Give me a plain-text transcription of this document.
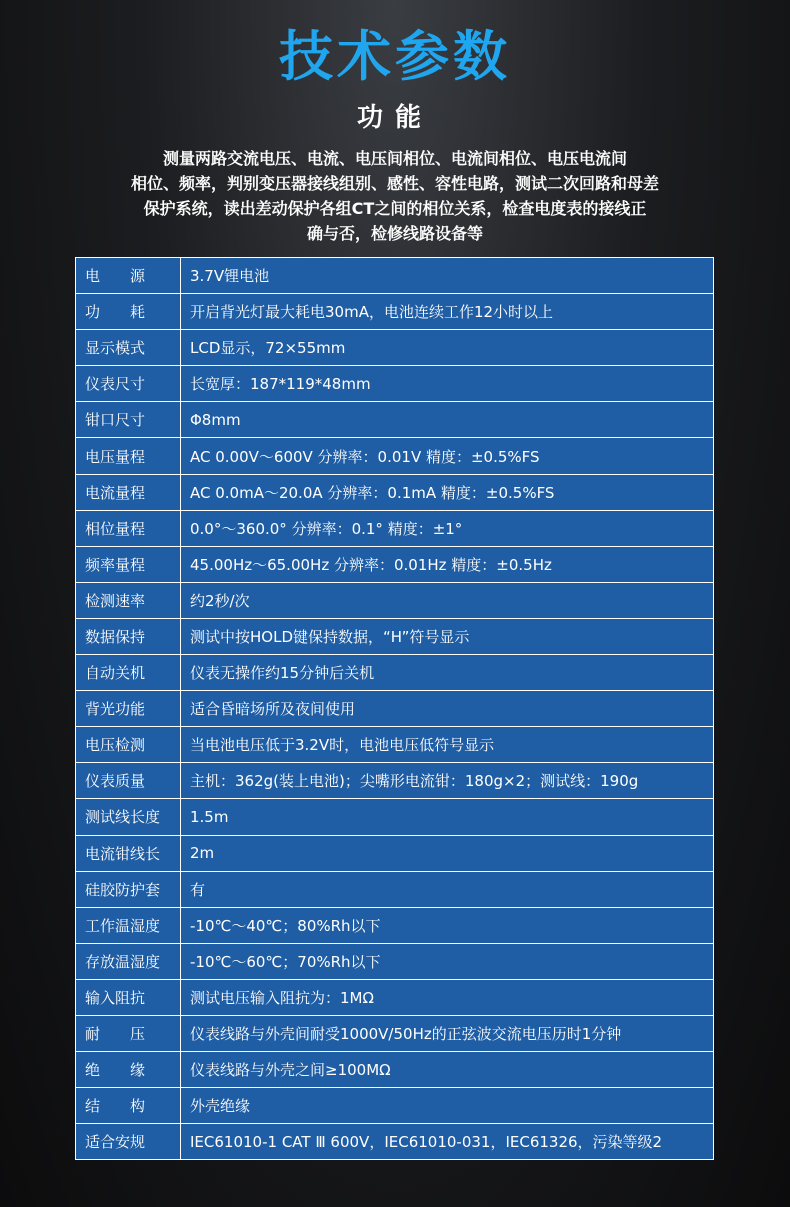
技术参数
功能
测量两路交流电压、电流、电压间相位、电流间相位、电压电流间
相位、频率，判别变压器接线组别、感性、容性电路，测试二次回路和母差
保护系统，读出差动保护各组CT之间的相位关系，检查电度表的接线正
确与否，检修线路设备等
电　　源	3.7V锂电池
功　　耗	开启背光灯最大耗电30mA，电池连续工作12小时以上
显示模式	LCD显示，72×55mm
仪表尺寸	长宽厚：187*119*48mm
钳口尺寸	Φ8mm
电压量程	AC 0.00V～600V 分辨率：0.01V 精度：±0.5%FS
电流量程	AC 0.0mA～20.0A 分辨率：0.1mA 精度：±0.5%FS
相位量程	0.0°～360.0° 分辨率：0.1° 精度：±1°
频率量程	45.00Hz～65.00Hz 分辨率：0.01Hz 精度：±0.5Hz
检测速率	约2秒/次
数据保持	测试中按HOLD键保持数据，“H”符号显示
自动关机	仪表无操作约15分钟后关机
背光功能	适合昏暗场所及夜间使用
电压检测	当电池电压低于3.2V时，电池电压低符号显示
仪表质量	主机：362g(装上电池)；尖嘴形电流钳：180g×2；测试线：190g
测试线长度	1.5m
电流钳线长	2m
硅胶防护套	有
工作温湿度	-10℃～40℃；80%Rh以下
存放温湿度	-10℃～60℃；70%Rh以下
输入阻抗	测试电压输入阻抗为：1MΩ
耐　　压	仪表线路与外壳间耐受1000V/50Hz的正弦波交流电压历时1分钟
绝　　缘	仪表线路与外壳之间≥100MΩ
结　　构	外壳绝缘
适合安规	IEC61010-1 CAT Ⅲ 600V，IEC61010-031，IEC61326，污染等级2
